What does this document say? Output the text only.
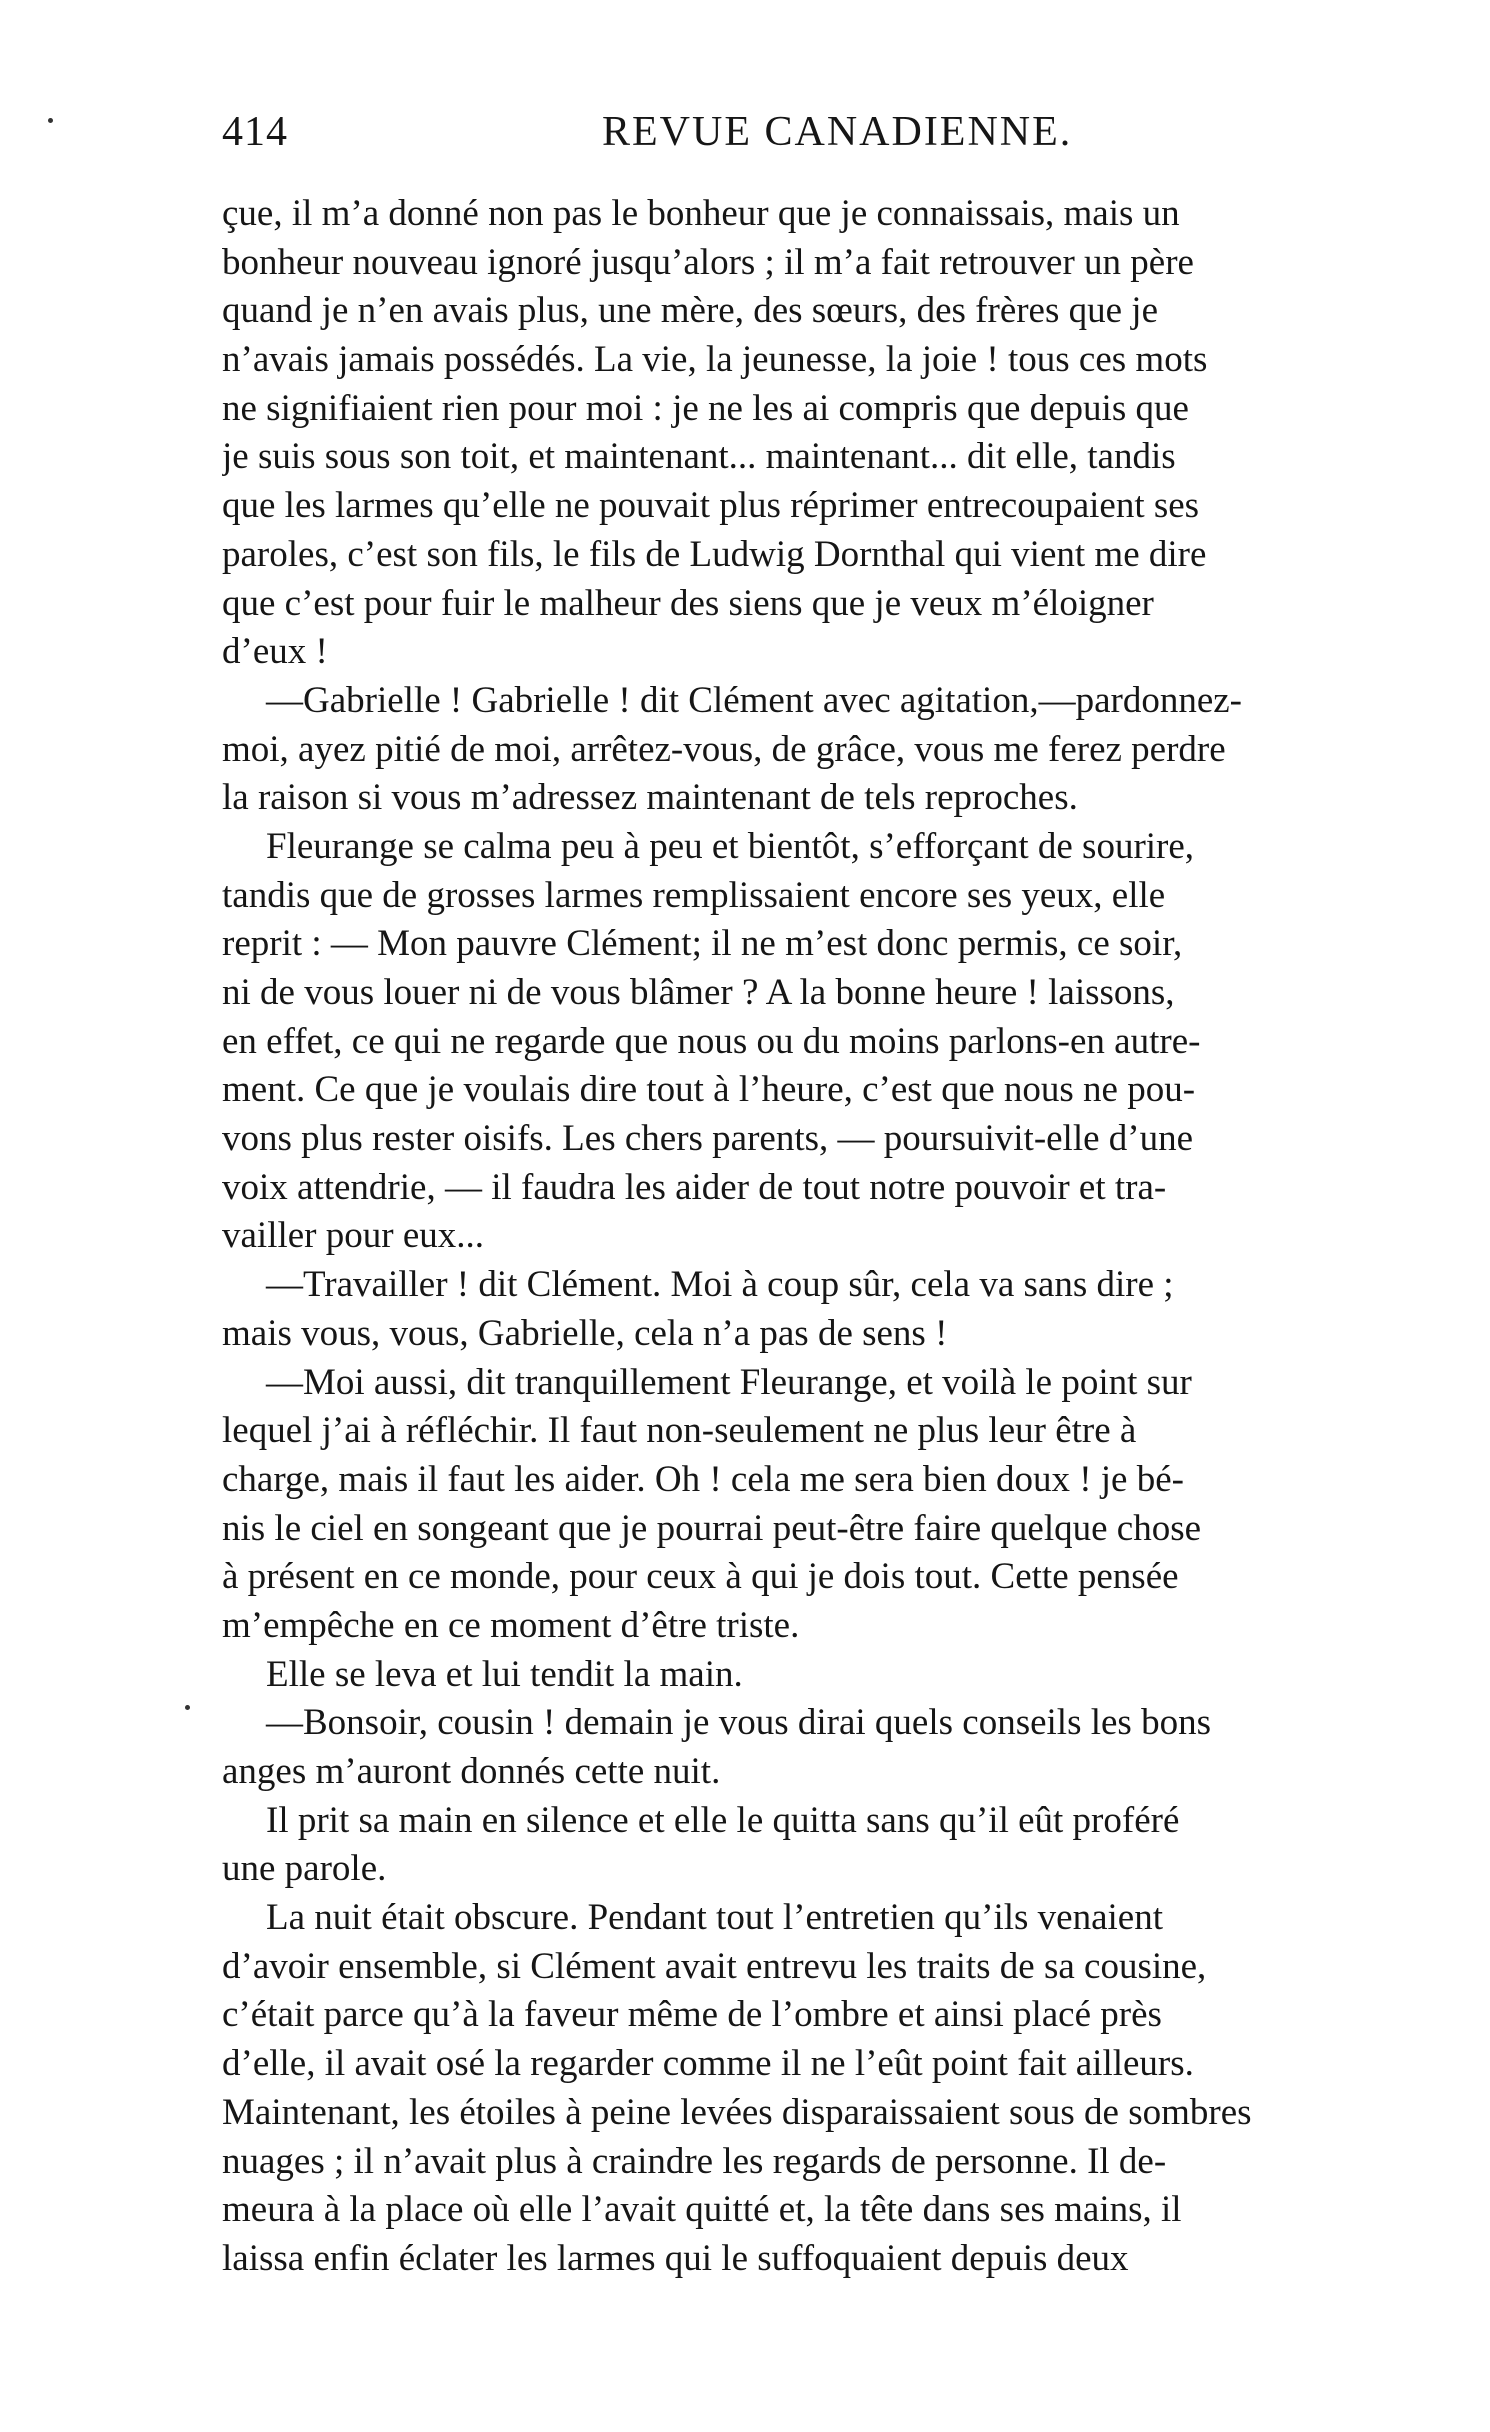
414	REVUE CANADIENNE.
çue, il m’a donné non pas le bonheur que je connaissais, mais un
bonheur nouveau ignoré jusqu’alors ; il m’a fait retrouver un père
quand je n’en avais plus, une mère, des sœurs, des frères que je
n’avais jamais possédés. La vie, la jeunesse, la joie ! tous ces mots
ne signifiaient rien pour moi : je ne les ai compris que depuis que
je suis sous son toit, et maintenant... maintenant... dit elle, tandis
que les larmes qu’elle ne pouvait plus réprimer entrecoupaient ses
paroles, c’est son fils, le fils de Ludwig Dornthal qui vient me dire
que c’est pour fuir le malheur des siens que je veux m’éloigner
d’eux !
—Gabrielle ! Gabrielle ! dit Clément avec agitation,—pardonnez-
moi, ayez pitié de moi, arrêtez-vous, de grâce, vous me ferez perdre
la raison si vous m’adressez maintenant de tels reproches.
Fleurange se calma peu à peu et bientôt, s’efforçant de sourire,
tandis que de grosses larmes remplissaient encore ses yeux, elle
reprit : — Mon pauvre Clément; il ne m’est donc permis, ce soir,
ni de vous louer ni de vous blâmer ? A la bonne heure ! laissons,
en effet, ce qui ne regarde que nous ou du moins parlons-en autre-
ment. Ce que je voulais dire tout à l’heure, c’est que nous ne pou-
vons plus rester oisifs. Les chers parents, — poursuivit-elle d’une
voix attendrie, — il faudra les aider de tout notre pouvoir et tra-
vailler pour eux...
—Travailler ! dit Clément. Moi à coup sûr, cela va sans dire ;
mais vous, vous, Gabrielle, cela n’a pas de sens !
—Moi aussi, dit tranquillement Fleurange, et voilà le point sur
lequel j’ai à réfléchir. Il faut non-seulement ne plus leur être à
charge, mais il faut les aider. Oh ! cela me sera bien doux ! je bé-
nis le ciel en songeant que je pourrai peut-être faire quelque chose
à présent en ce monde, pour ceux à qui je dois tout. Cette pensée
m’empêche en ce moment d’être triste.
Elle se leva et lui tendit la main.
—Bonsoir, cousin ! demain je vous dirai quels conseils les bons
anges m’auront donnés cette nuit.
Il prit sa main en silence et elle le quitta sans qu’il eût proféré
une parole.
La nuit était obscure. Pendant tout l’entretien qu’ils venaient
d’avoir ensemble, si Clément avait entrevu les traits de sa cousine,
c’était parce qu’à la faveur même de l’ombre et ainsi placé près
d’elle, il avait osé la regarder comme il ne l’eût point fait ailleurs.
Maintenant, les étoiles à peine levées disparaissaient sous de sombres
nuages ; il n’avait plus à craindre les regards de personne. Il de-
meura à la place où elle l’avait quitté et, la tête dans ses mains, il
laissa enfin éclater les larmes qui le suffoquaient depuis deux
